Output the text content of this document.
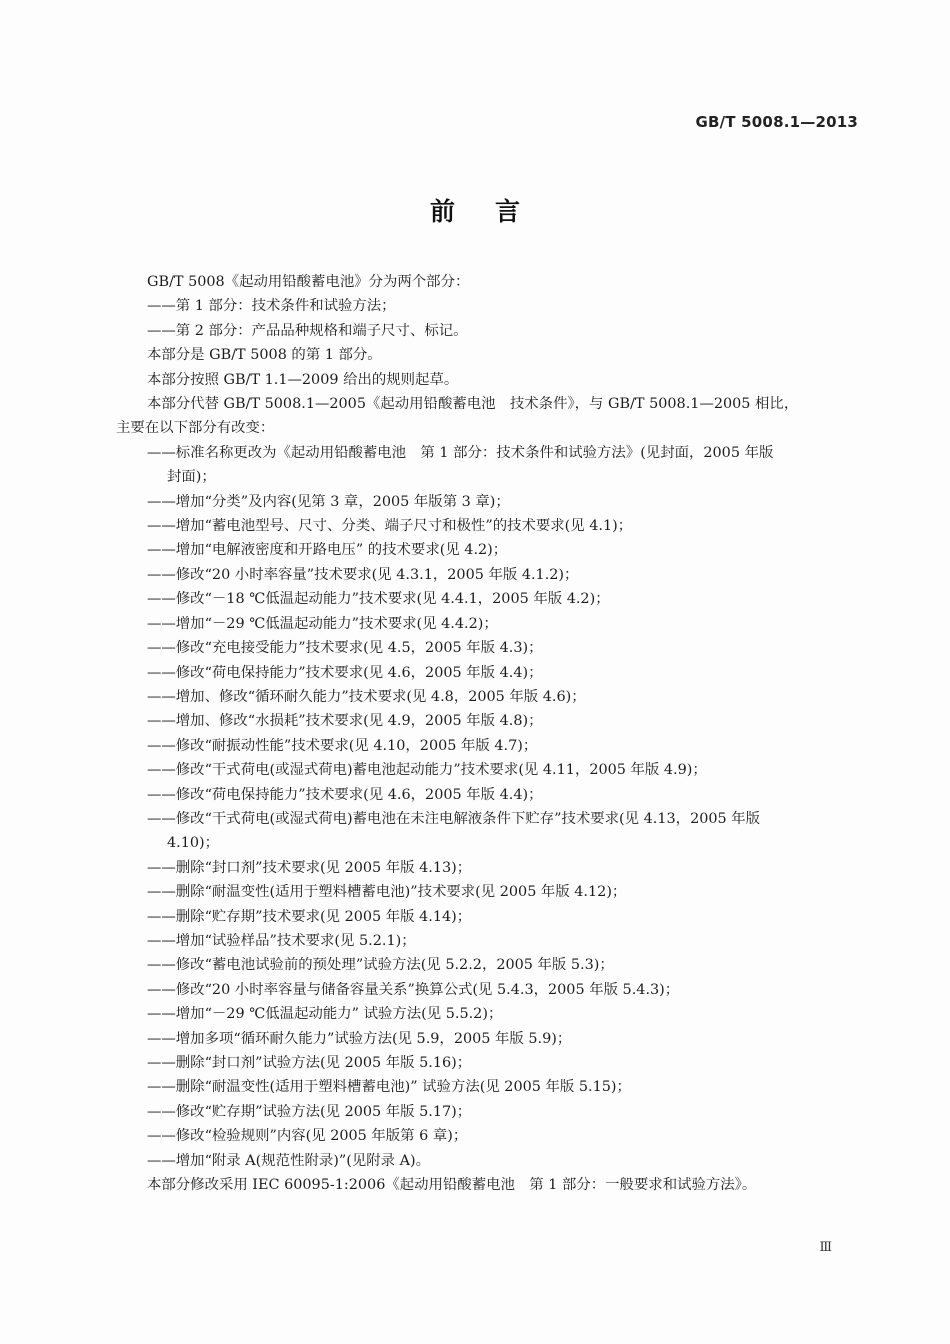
GB/T 5008.1—2013
前言

GB/T 5008《起动用铅酸蓄电池》分为两个部分：

——第 1 部分：技术条件和试验方法；

——第 2 部分：产品品种规格和端子尺寸、标记。

本部分是 GB/T 5008 的第 1 部分。

本部分按照 GB/T 1.1—2009 给出的规则起草。

本部分代替 GB/T 5008.1—2005《起动用铅酸蓄电池　技术条件》，与 GB/T 5008.1—2005 相比，

主要在以下部分有改变：

——标准名称更改为《起动用铅酸蓄电池　第 1 部分：技术条件和试验方法》(见封面，2005 年版
封面)；
——增加“分类”及内容(见第 3 章，2005 年版第 3 章)；
——增加“蓄电池型号、尺寸、分类、端子尺寸和极性”的技术要求(见 4.1)；
——增加“电解液密度和开路电压” 的技术要求(见 4.2)；
——修改“20 小时率容量”技术要求(见 4.3.1，2005 年版 4.1.2)；
——修改“－18 ℃低温起动能力”技术要求(见 4.4.1，2005 年版 4.2)；
——增加“－29 ℃低温起动能力”技术要求(见 4.4.2)；
——修改“充电接受能力”技术要求(见 4.5，2005 年版 4.3)；
——修改“荷电保持能力”技术要求(见 4.6，2005 年版 4.4)；
——增加、修改“循环耐久能力”技术要求(见 4.8，2005 年版 4.6)；
——增加、修改“水损耗”技术要求(见 4.9，2005 年版 4.8)；
——修改“耐振动性能”技术要求(见 4.10，2005 年版 4.7)；
——修改“干式荷电(或湿式荷电)蓄电池起动能力”技术要求(见 4.11，2005 年版 4.9)；
——修改“荷电保持能力”技术要求(见 4.6，2005 年版 4.4)；
——修改“干式荷电(或湿式荷电)蓄电池在未注电解液条件下贮存”技术要求(见 4.13，2005 年版
4.10)；
——删除“封口剂”技术要求(见 2005 年版 4.13)；
——删除“耐温变性(适用于塑料槽蓄电池)”技术要求(见 2005 年版 4.12)；
——删除“贮存期”技术要求(见 2005 年版 4.14)；
——增加“试验样品”技术要求(见 5.2.1)；
——修改“蓄电池试验前的预处理”试验方法(见 5.2.2，2005 年版 5.3)；
——修改“20 小时率容量与储备容量关系”换算公式(见 5.4.3，2005 年版 5.4.3)；
——增加“－29 ℃低温起动能力” 试验方法(见 5.5.2)；
——增加多项“循环耐久能力”试验方法(见 5.9，2005 年版 5.9)；
——删除“封口剂”试验方法(见 2005 年版 5.16)；
——删除“耐温变性(适用于塑料槽蓄电池)” 试验方法(见 2005 年版 5.15)；
——修改“贮存期”试验方法(见 2005 年版 5.17)；
——修改“检验规则”内容(见 2005 年版第 6 章)；
——增加“附录 A(规范性附录)”(见附录 A)。

本部分修改采用 IEC 60095-1:2006《起动用铅酸蓄电池　第 1 部分：一般要求和试验方法》。

Ⅲ
